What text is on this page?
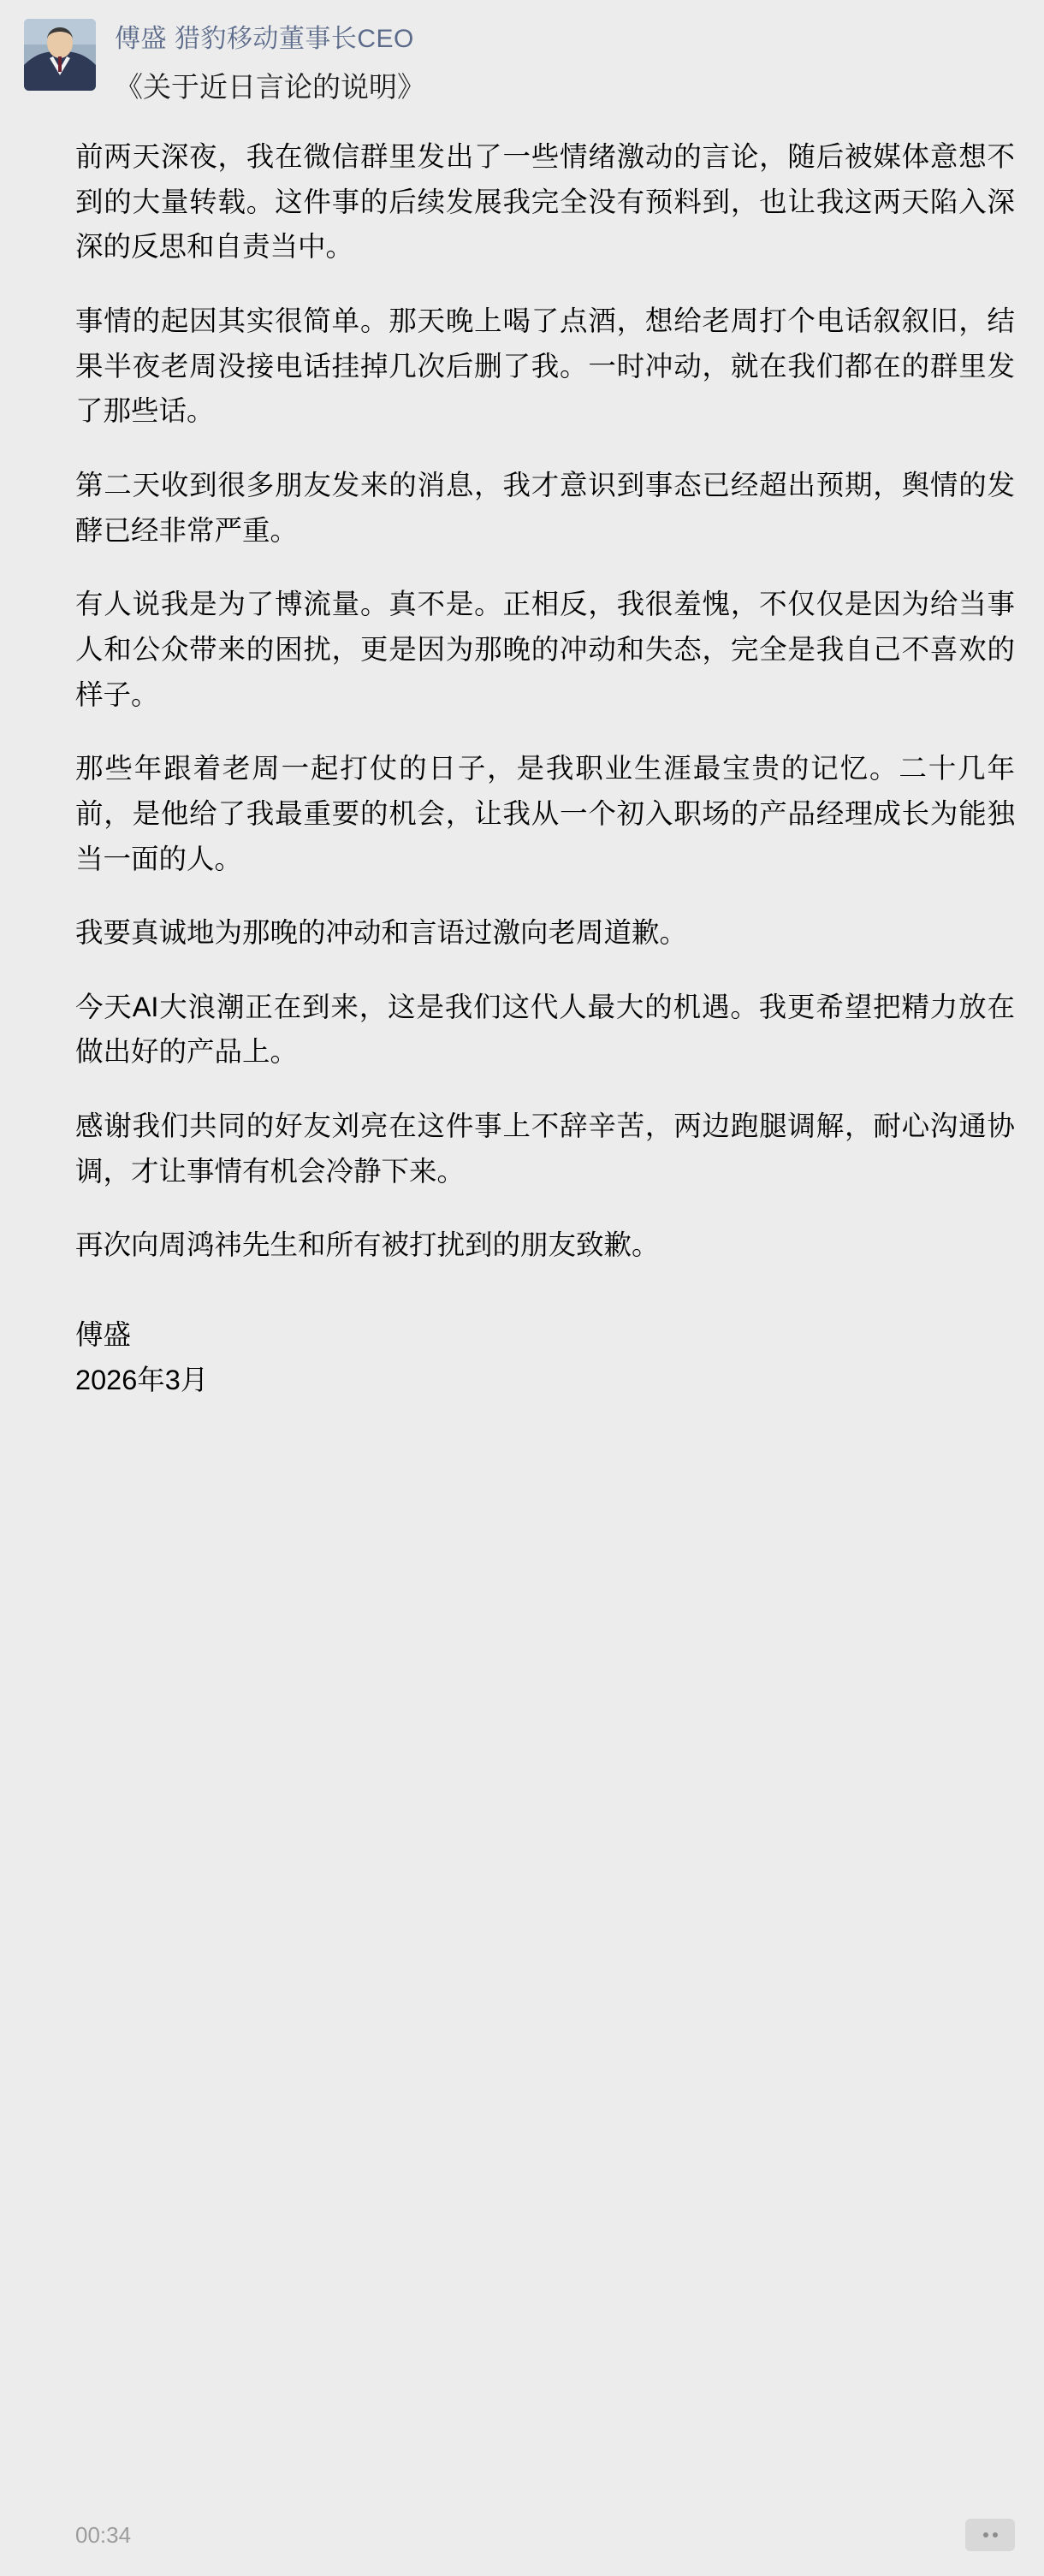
傅盛 猎豹移动董事长CEO
《关于近日言论的说明》

前两天深夜，我在微信群里发出了一些情绪激动的言论，随后被媒体意想不到的大量转载。这件事的后续发展我完全没有预料到，也让我这两天陷入深深的反思和自责当中。

事情的起因其实很简单。那天晚上喝了点酒，想给老周打个电话叙叙旧，结果半夜老周没接电话挂掉几次后删了我。一时冲动，就在我们都在的群里发了那些话。

第二天收到很多朋友发来的消息，我才意识到事态已经超出预期，舆情的发酵已经非常严重。

有人说我是为了博流量。真不是。正相反，我很羞愧，不仅仅是因为给当事人和公众带来的困扰，更是因为那晚的冲动和失态，完全是我自己不喜欢的样子。

那些年跟着老周一起打仗的日子，是我职业生涯最宝贵的记忆。二十几年前，是他给了我最重要的机会，让我从一个初入职场的产品经理成长为能独当一面的人。

我要真诚地为那晚的冲动和言语过激向老周道歉。

今天AI大浪潮正在到来，这是我们这代人最大的机遇。我更希望把精力放在做出好的产品上。

感谢我们共同的好友刘亮在这件事上不辞辛苦，两边跑腿调解，耐心沟通协调，才让事情有机会冷静下来。

再次向周鸿祎先生和所有被打扰到的朋友致歉。

傅盛
2026年3月
00:34
